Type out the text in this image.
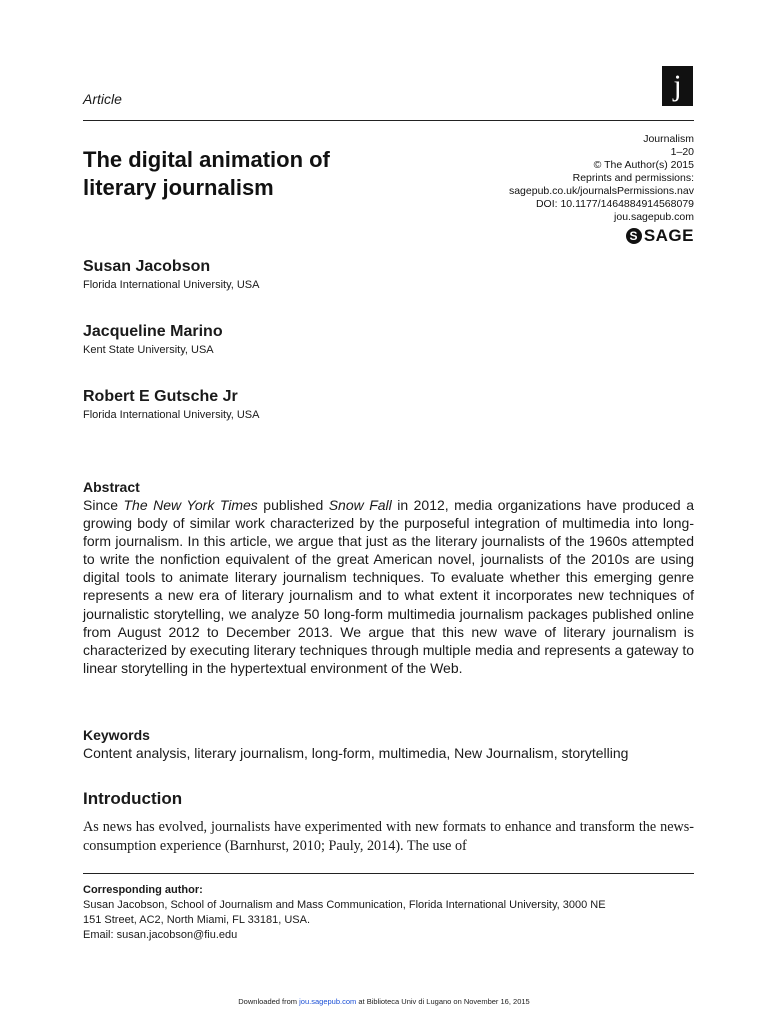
Article	j
The digital animation of
literary journalism
Journalism
1–20
© The Author(s) 2015
Reprints and permissions:
sagepub.co.uk/journalsPermissions.nav
DOI: 10.1177/1464884914568079
jou.sagepub.com
S SAGE
Susan Jacobson
Florida International University, USA
Jacqueline Marino
Kent State University, USA
Robert E Gutsche Jr
Florida International University, USA
Abstract

Since The New York Times published Snow Fall in 2012, media organizations have produced a growing body of similar work characterized by the purposeful integration of multimedia into long-form journalism. In this article, we argue that just as the literary journalists of the 1960s attempted to write the nonfiction equivalent of the great American novel, journalists of the 2010s are using digital tools to animate literary journalism techniques. To evaluate whether this emerging genre represents a new era of literary journalism and to what extent it incorporates new techniques of journalistic storytelling, we analyze 50 long-form multimedia journalism packages published online from August 2012 to December 2013. We argue that this new wave of literary journalism is characterized by executing literary techniques through multiple media and represents a gateway to linear storytelling in the hypertextual environment of the Web.

Keywords
Content analysis, literary journalism, long-form, multimedia, New Journalism, storytelling
Introduction

As news has evolved, journalists have experimented with new formats to enhance and transform the news-consumption experience (Barnhurst, 2010; Pauly, 2014). The use of

Corresponding author:
Susan Jacobson, School of Journalism and Mass Communication, Florida International University, 3000 NE
151 Street, AC2, North Miami, FL 33181, USA.
Email: susan.jacobson@fiu.edu
Downloaded from jou.sagepub.com at Biblioteca Univ di Lugano on November 16, 2015
